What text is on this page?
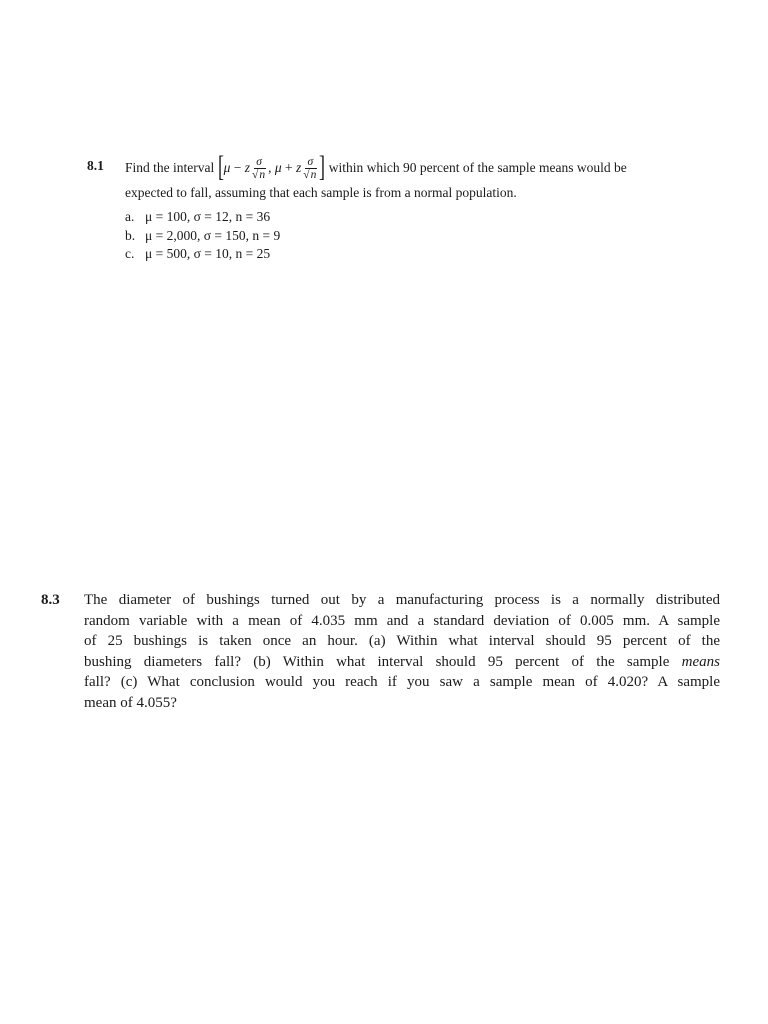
8.1 Find the interval
[ μ − z $\frac{\sigma}{√n}$ , μ + z $\frac{\sigma}{√n}$ ]
within which 90 percent of the sample means would be
expected to fall, assuming that each sample is from a normal population.
a. μ = 100, σ = 12, n = 36
b. μ = 2,000, σ = 150, n = 9
c. μ = 500, σ = 10, n = 25
8.3 The diameter of bushings turned out by a manufacturing process is a normally distributed
random variable with a mean of 4.035 mm and a standard deviation of 0.005 mm. A sample
of 25 bushings is taken once an hour. (a) Within what interval should 95 percent of the
bushing diameters fall? (b) Within what interval should 95 percent of the sample means
fall? (c) What conclusion would you reach if you saw a sample mean of 4.020? A sample
mean of 4.055?
